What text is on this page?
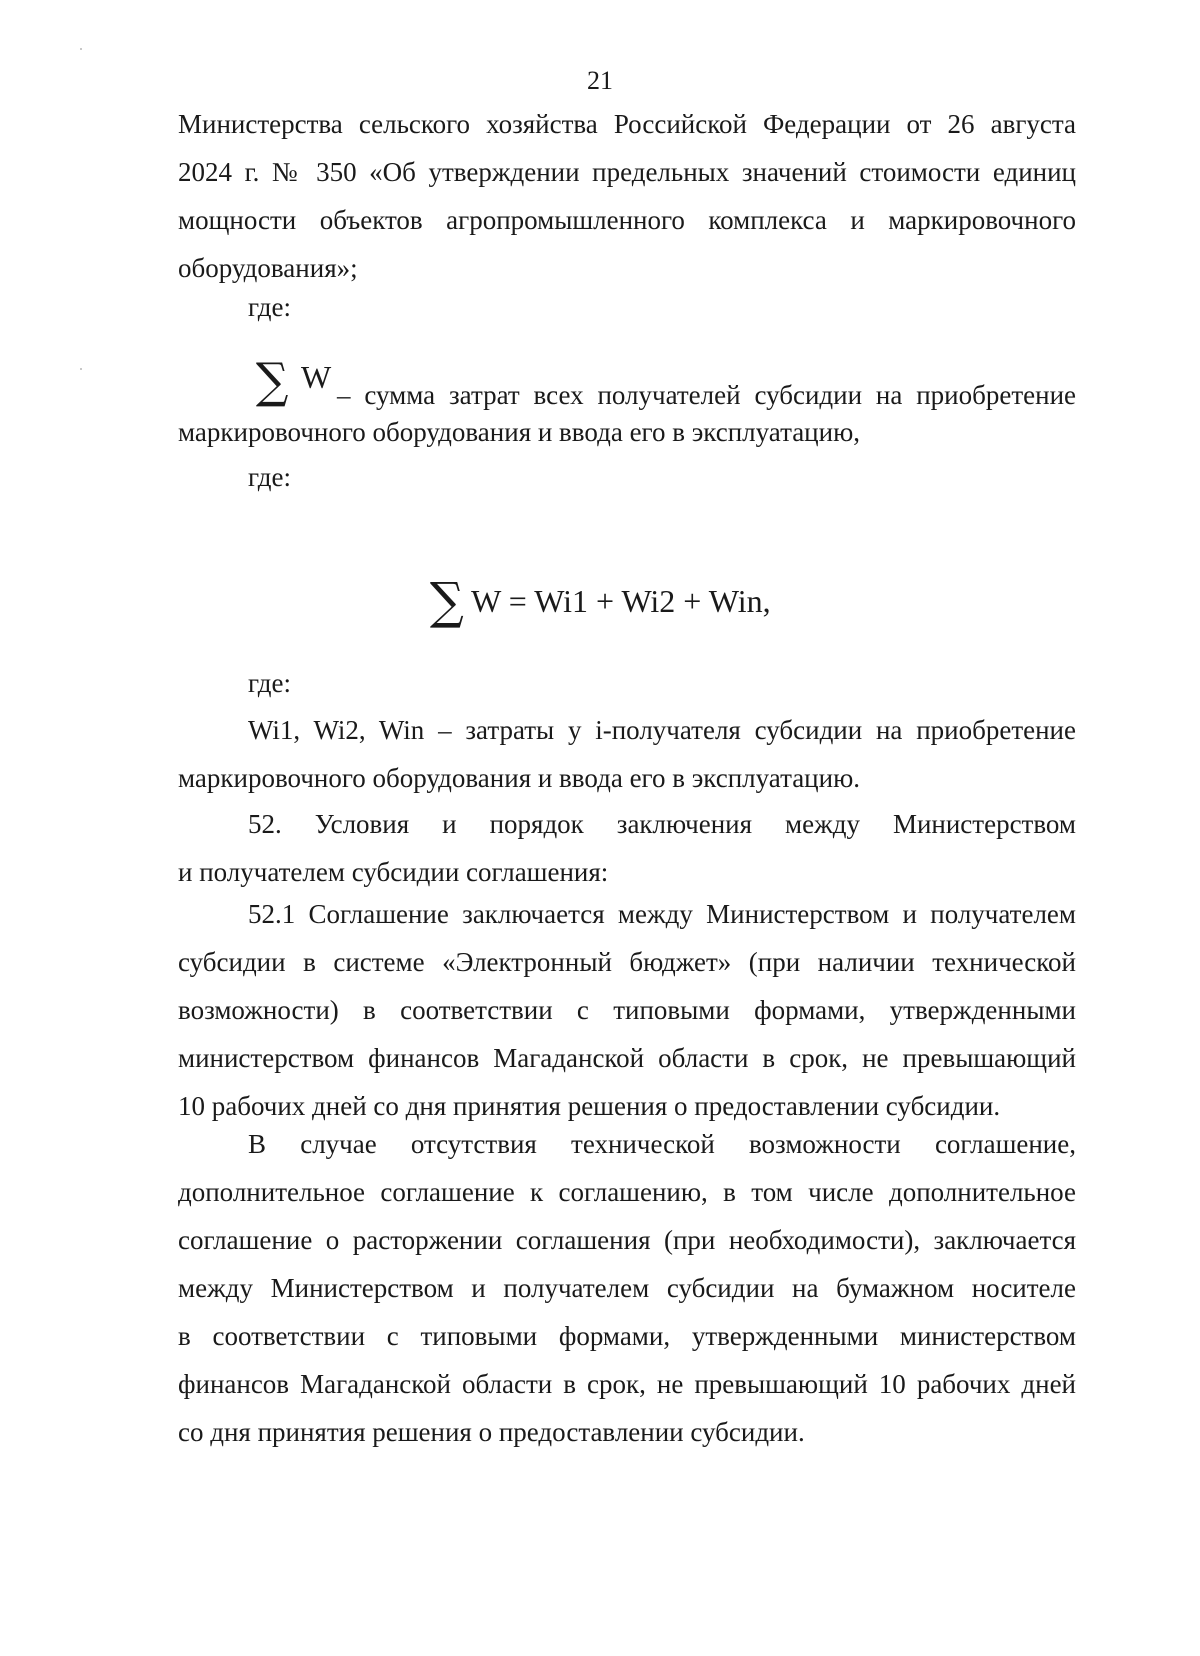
21
Министерства сельского хозяйства Российской Федерации от 26 августа
2024 г. № 350 «Об утверждении предельных значений стоимости единиц
мощности объектов агропромышленного комплекса и маркировочного
оборудования»;
где:
∑ W – сумма затрат всех получателей субсидии на приобретение
маркировочного оборудования и ввода его в эксплуатацию,
где:
∑ W = Wi1 + Wi2 + Win,
где:
Wi1, Wi2, Win – затраты у i-получателя субсидии на приобретение
маркировочного оборудования и ввода его в эксплуатацию.
52. Условия и порядок заключения между Министерством
и получателем субсидии соглашения:
52.1 Соглашение заключается между Министерством и получателем
субсидии в системе «Электронный бюджет» (при наличии технической
возможности) в соответствии с типовыми формами, утвержденными
министерством финансов Магаданской области в срок, не превышающий
10 рабочих дней со дня принятия решения о предоставлении субсидии.
В случае отсутствия технической возможности соглашение,
дополнительное соглашение к соглашению, в том числе дополнительное
соглашение о расторжении соглашения (при необходимости), заключается
между Министерством и получателем субсидии на бумажном носителе
в соответствии с типовыми формами, утвержденными министерством
финансов Магаданской области в срок, не превышающий 10 рабочих дней
со дня принятия решения о предоставлении субсидии.
